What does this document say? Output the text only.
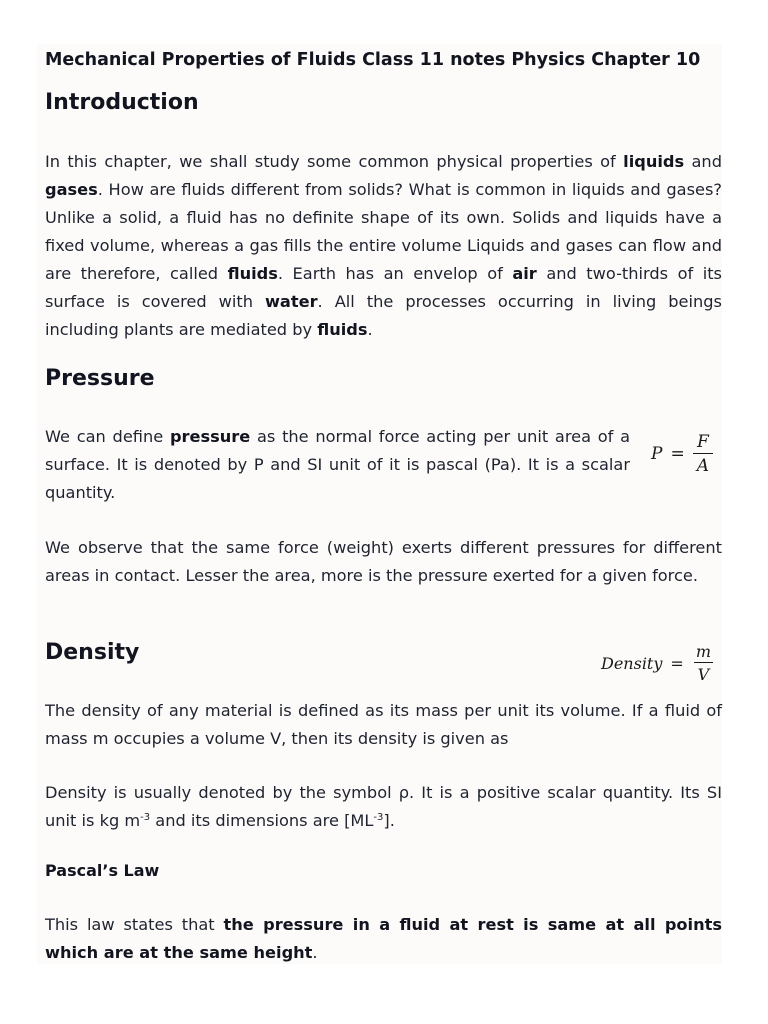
Mechanical Properties of Fluids Class 11 notes Physics Chapter 10
Introduction

In this chapter, we shall study some common physical properties of liquids and gases. How are fluids different from solids? What is common in liquids and gases? Unlike a solid, a fluid has no definite shape of its own. Solids and liquids have a fixed volume, whereas a gas fills the entire volume Liquids and gases can flow and are therefore, called fluids. Earth has an envelop of air and two-thirds of its surface is covered with water. All the processes occurring in living beings including plants are mediated by fluids.

Pressure

We can define pressure as the normal force acting per unit area of a surface. It is denoted by P and SI unit of it is pascal (Pa). It is a scalar quantity.

$P = \frac{F}{A}$

We observe that the same force (weight) exerts different pressures for different areas in contact. Lesser the area, more is the pressure exerted for a given force.

Density	Density = $\frac{m}{V}$

The density of any material is defined as its mass per unit its volume. If a fluid of mass m occupies a volume V, then its density is given as

Density is usually denoted by the symbol ρ. It is a positive scalar quantity. Its SI unit is kg $m^{-3}$ and its dimensions are $[ML^{-3}]$.

Pascal’s Law

This law states that the pressure in a fluid at rest is same at all points which are at the same height.
